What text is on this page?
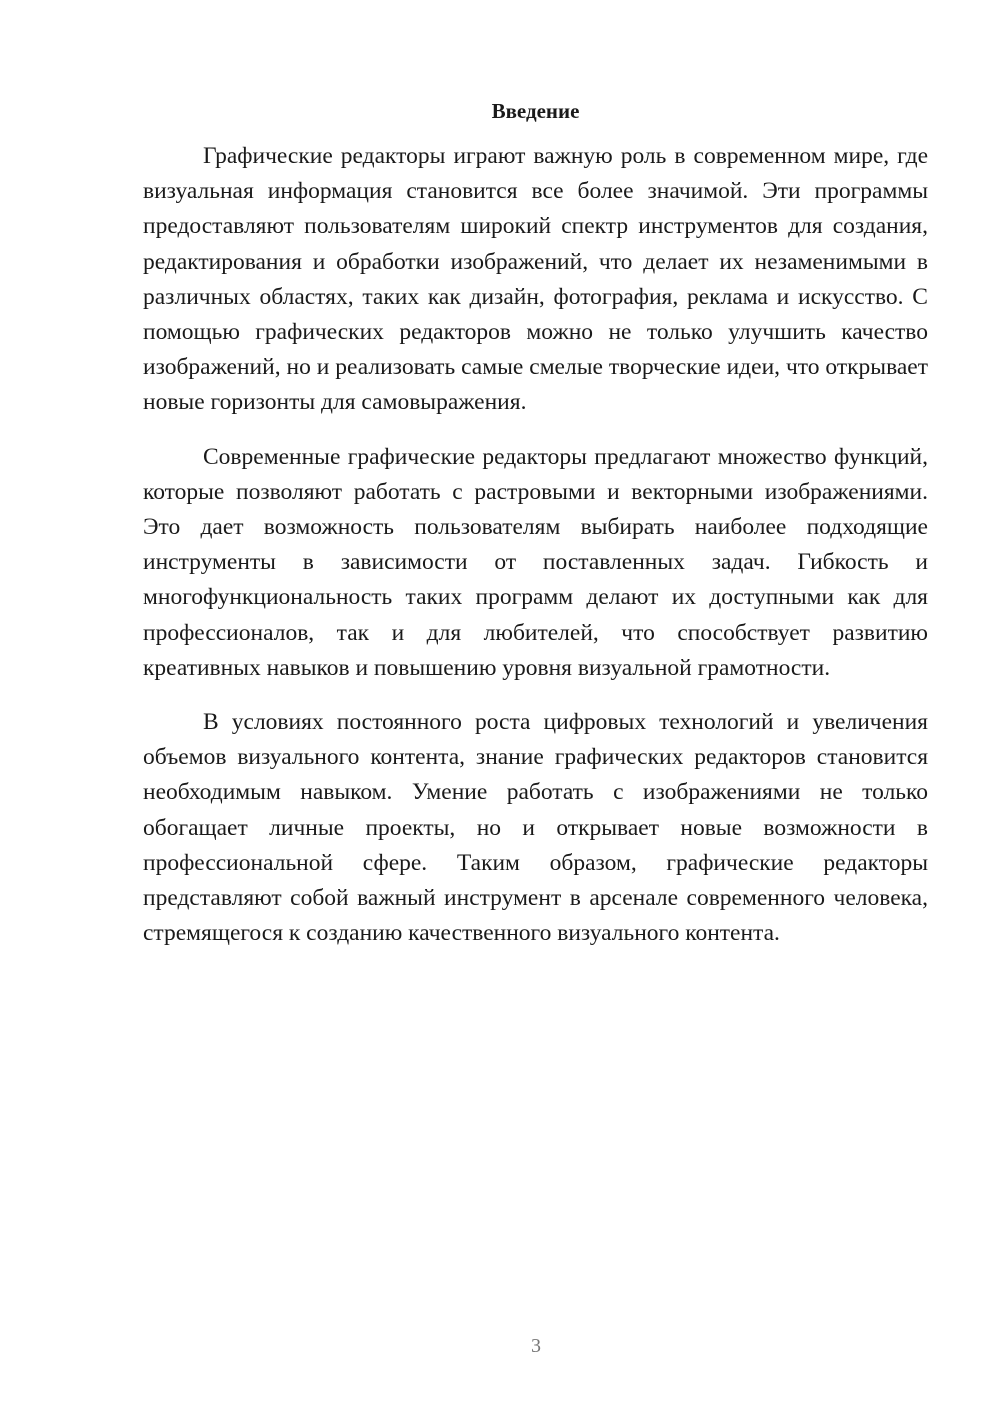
Введение

Графические редакторы играют важную роль в современном мире, где визуальная информация становится все более значимой. Эти программы предоставляют пользователям широкий спектр инструментов для создания, редактирования и обработки изображений, что делает их незаменимыми в различных областях, таких как дизайн, фотография, реклама и искусство. С помощью графических редакторов можно не только улучшить качество изображений, но и реализовать самые смелые творческие идеи, что открывает новые горизонты для самовыражения.

Современные графические редакторы предлагают множество функций, которые позволяют работать с растровыми и векторными изображениями. Это дает возможность пользователям выбирать наиболее подходящие инструменты в зависимости от поставленных задач. Гибкость и многофункциональность таких программ делают их доступными как для профессионалов, так и для любителей, что способствует развитию креативных навыков и повышению уровня визуальной грамотности.

В условиях постоянного роста цифровых технологий и увеличения объемов визуального контента, знание графических редакторов становится необходимым навыком. Умение работать с изображениями не только обогащает личные проекты, но и открывает новые возможности в профессиональной сфере. Таким образом, графические редакторы представляют собой важный инструмент в арсенале современного человека, стремящегося к созданию качественного визуального контента.

3
